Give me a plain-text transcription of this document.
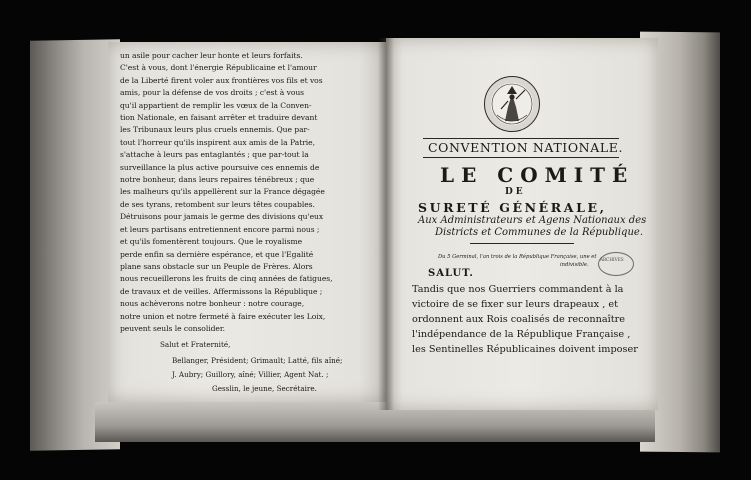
un asile pour cacher leur honte et leurs forfaits.
C'est à vous, dont l'énergie Républicaine et l'amour
de la Liberté firent voler aux frontières vos fils et vos
amis, pour la défense de vos droits ; c'est à vous
qu'il appartient de remplir les vœux de la Conven-
tion Nationale, en faisant arrêter et traduire devant
les Tribunaux leurs plus cruels ennemis. Que par-
tout l'horreur qu'ils inspirent aux amis de la Patrie,
s'attache à leurs pas entaglantés ; que par-tout la
surveillance la plus active poursuive ces ennemis de
notre bonheur, dans leurs repaires ténébreux ; que
les malheurs qu'ils appellèrent sur la France dégagée
de ses tyrans, retombent sur leurs têtes coupables.
Détruisons pour jamais le germe des divisions qu'eux
et leurs partisans entretiennent encore parmi nous ;
et qu'ils fomentèrent toujours. Que le royalisme
perde enfin sa dernière espérance, et que l'Egalité
plane sans obstacle sur un Peuple de Frères. Alors
nous recueillerons les fruits de cinq années de fatigues,
de travaux et de veilles. Affermissons la République ;
nous achèverons notre bonheur : notre courage,
notre union et notre fermeté à faire exécuter les Loix,
peuvent seuls le consolider.
Salut et Fraternité,
Bellanger, Président; Grimault; Latté, fils aîné;
J. Aubry; Guillory, aîné; Villier, Agent Nat. ;
Gesslin, le jeune, Secrétaire.
CONVENTION NATIONALE.
LE COMITÉ
DE
SURETÉ GÉNÉRALE,
Aux Administrateurs et Agens Nationaux des
Districts et Communes de la République.
Du 5 Germinal, l'an trois de la République Française, une et
indivisible.
SALUT.
Tandis que nos Guerriers commandent à la
victoire de se fixer sur leurs drapeaux , et
ordonnent aux Rois coalisés de reconnaître
l'indépendance de la République Française ,
les Sentinelles Républicaines doivent imposer
ARCHIVES
